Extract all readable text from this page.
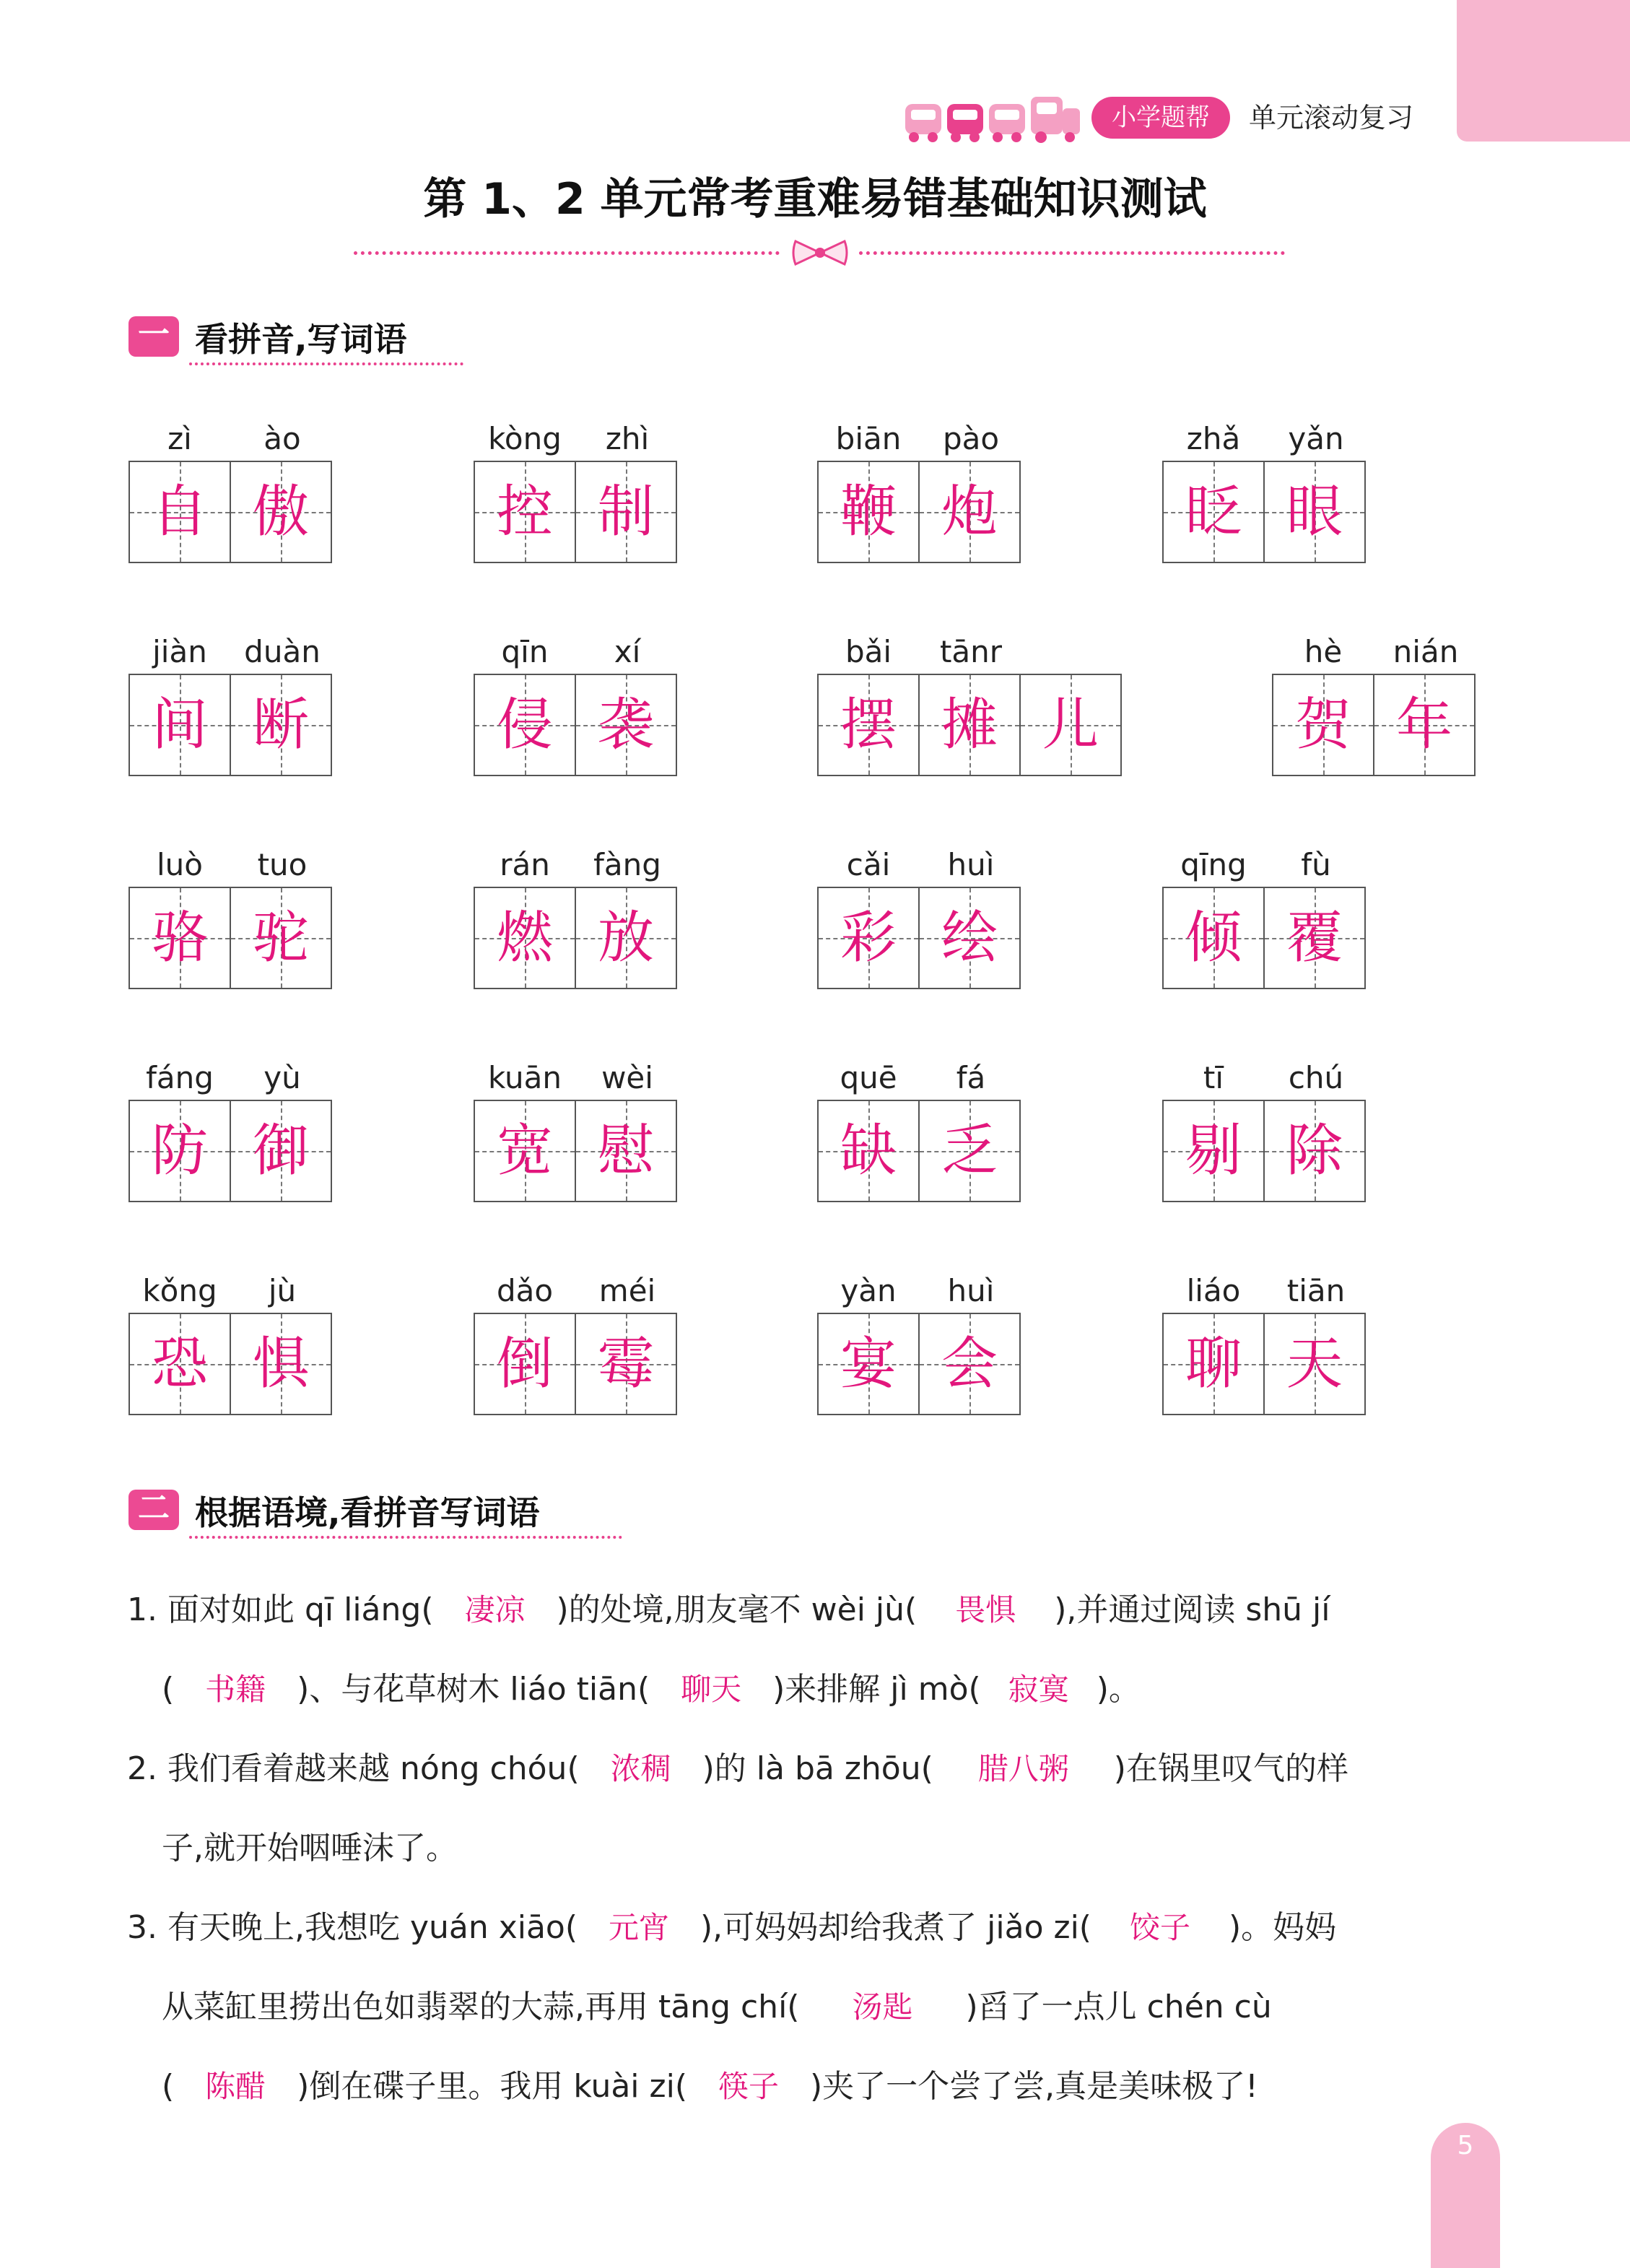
小学题帮	单元滚动复习
第 1、2 单元常考重难易错基础知识测试
一 看拼音,写词语
zì	ào
自 傲
kòng	zhì
控 制
biān	pào
鞭 炮
zhǎ	yǎn
眨 眼
jiàn	duàn
间 断
qīn	xí
侵 袭
bǎi	tānr
摆 摊 儿
hè	nián
贺 年
luò	tuo
骆 驼
rán	fàng
燃 放
cǎi	huì
彩 绘
qīng	fù
倾 覆
fáng	yù
防 御
kuān	wèi
宽 慰
quē	fá
缺 乏
tī	chú
剔 除
kǒng	jù
恐 惧
dǎo	méi
倒 霉
yàn	huì
宴 会
liáo	tiān
聊 天
二 根据语境,看拼音写词语
1. 面对如此 qī liáng( 凄凉 )的处境,朋友毫不 wèi jù( 畏惧 ),并通过阅读 shū jí
( 书籍 )、与花草树木 liáo tiān( 聊天 )来排解 jì mò( 寂寞 )。
2. 我们看着越来越 nóng chóu( 浓稠 )的 là bā zhōu( 腊八粥 )在锅里叹气的样
子,就开始咽唾沫了。
3. 有天晚上,我想吃 yuán xiāo( 元宵 ),可妈妈却给我煮了 jiǎo zi( 饺子 )。妈妈
从菜缸里捞出色如翡翠的大蒜,再用 tāng chí( 汤匙 )舀了一点儿 chén cù
( 陈醋 )倒在碟子里。我用 kuài zi( 筷子 )夹了一个尝了尝,真是美味极了!
5
